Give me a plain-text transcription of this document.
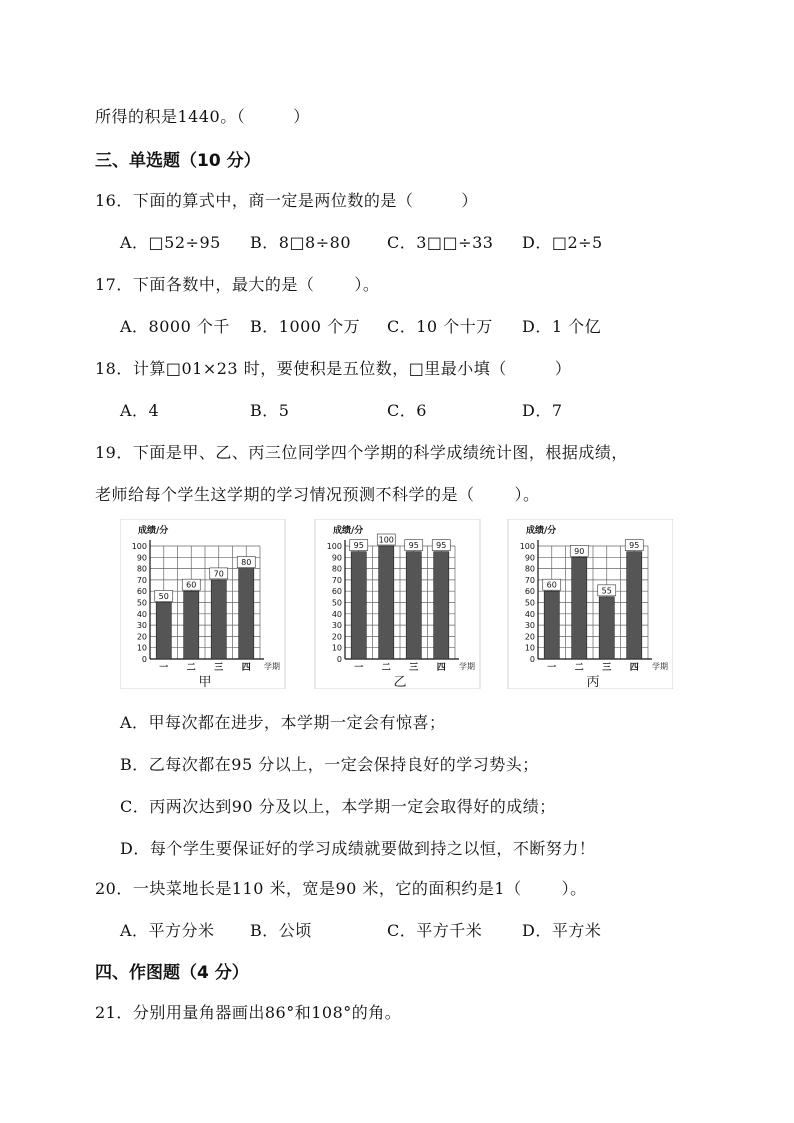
所得的积是1440。（	）
三、单选题（10 分）
16．下面的算式中，商一定是两位数的是（	）
A．□52÷95 B．8□8÷80 C．3□□÷33 D．□2÷5
17．下面各数中，最大的是（	）。
A．8000 个千 B．1000 个万 C．10 个十万 D．1 个亿
18．计算□01×23 时，要使积是五位数，□里最小填（	）
A．4	B．5	C．6	D．7
19．下面是甲、乙、丙三位同学四个学期的科学成绩统计图，根据成绩，
老师给每个学生这学期的学习情况预测不科学的是（	）。
0
10
20
30
40
50
60
70
80
90
100
成绩/分
50
一
60
二
70
三
80
四 学期
甲
0
10
20
30
40
50
60
70
80
90
100
成绩/分
95
一
100
二
95
三
95
四 学期
乙
0
10
20
30
40
50
60
70
80
90
100
成绩/分
60
一
90
二
55
三
95
四 学期
丙
A．甲每次都在进步，本学期一定会有惊喜；
B．乙每次都在95 分以上，一定会保持良好的学习势头；
C．丙两次达到90 分及以上，本学期一定会取得好的成绩；
D．每个学生要保证好的学习成绩就要做到持之以恒，不断努力！
20．一块菜地长是110 米，宽是90 米，它的面积约是1（	）。
A．平方分米 B．公顷	C．平方千米 D．平方米
四、作图题（4 分）
21．分别用量角器画出86°和108°的角。
